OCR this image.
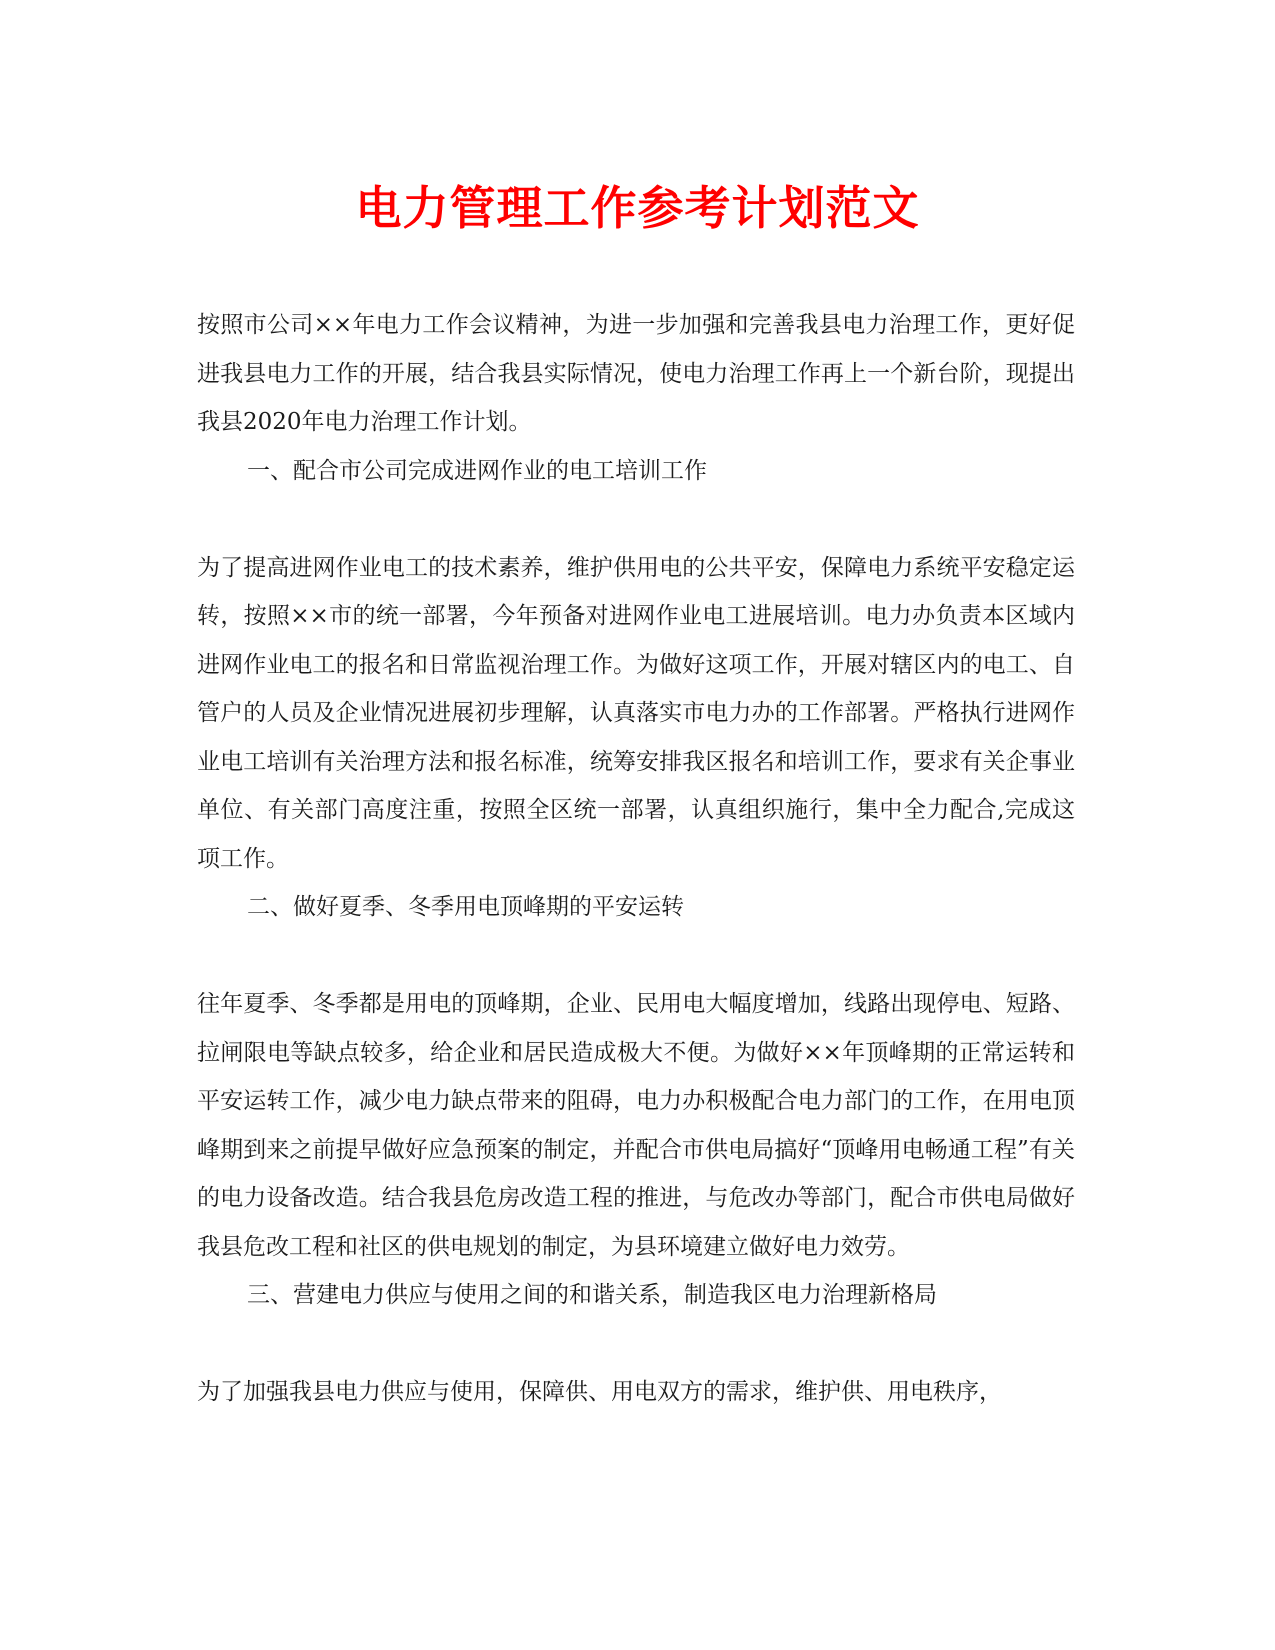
电力管理工作参考计划范文

按照市公司××年电力工作会议精神，为进一步加强和完善我县电力治理工作，更好促进我县电力工作的开展，结合我县实际情况，使电力治理工作再上一个新台阶，现提出我县2020年电力治理工作计划。

一、配合市公司完成进网作业的电工培训工作

为了提高进网作业电工的技术素养，维护供用电的公共平安，保障电力系统平安稳定运转，按照××市的统一部署，今年预备对进网作业电工进展培训。电力办负责本区域内进网作业电工的报名和日常监视治理工作。为做好这项工作，开展对辖区内的电工、自管户的人员及企业情况进展初步理解，认真落实市电力办的工作部署。严格执行进网作业电工培训有关治理方法和报名标准，统筹安排我区报名和培训工作，要求有关企事业单位、有关部门高度注重，按照全区统一部署，认真组织施行，集中全力配合,完成这项工作。

二、做好夏季、冬季用电顶峰期的平安运转

往年夏季、冬季都是用电的顶峰期，企业、民用电大幅度增加，线路出现停电、短路、拉闸限电等缺点较多，给企业和居民造成极大不便。为做好××年顶峰期的正常运转和平安运转工作，减少电力缺点带来的阻碍，电力办积极配合电力部门的工作，在用电顶峰期到来之前提早做好应急预案的制定，并配合市供电局搞好“顶峰用电畅通工程”有关的电力设备改造。结合我县危房改造工程的推进，与危改办等部门，配合市供电局做好我县危改工程和社区的供电规划的制定，为县环境建立做好电力效劳。

三、营建电力供应与使用之间的和谐关系，制造我区电力治理新格局

为了加强我县电力供应与使用，保障供、用电双方的需求，维护供、用电秩序，
